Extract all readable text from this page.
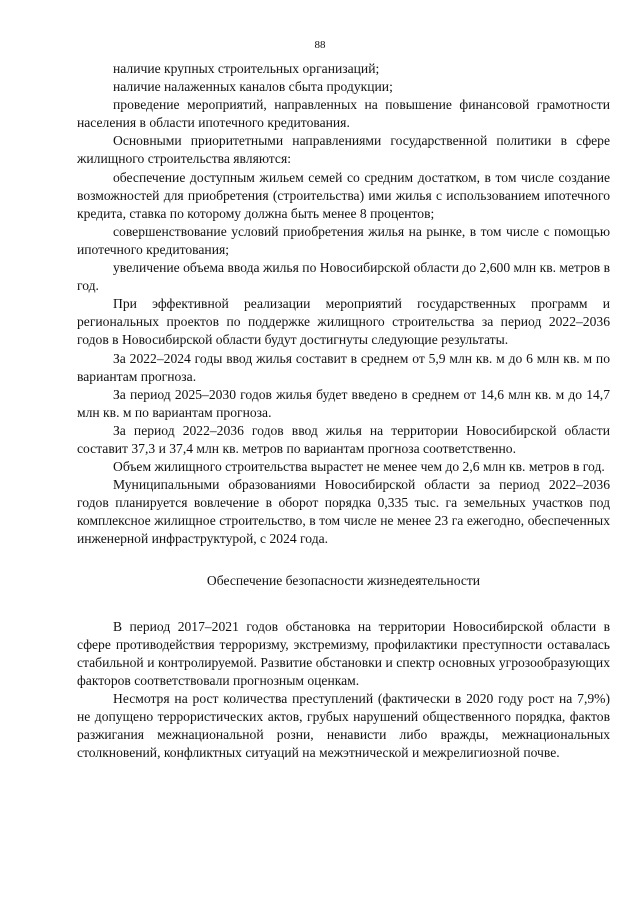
88

наличие крупных строительных организаций;

наличие налаженных каналов сбыта продукции;

проведение мероприятий, направленных на повышение финансовой грамотности населения в области ипотечного кредитования.

Основными приоритетными направлениями государственной политики в сфере жилищного строительства являются:

обеспечение доступным жильем семей со средним достатком, в том числе создание возможностей для приобретения (строительства) ими жилья с использованием ипотечного кредита, ставка по которому должна быть менее 8 процентов;

совершенствование условий приобретения жилья на рынке, в том числе с помощью ипотечного кредитования;

увеличение объема ввода жилья по Новосибирской области до 2,600 млн кв. метров в год.

При эффективной реализации мероприятий государственных программ и региональных проектов по поддержке жилищного строительства за период 2022–2036 годов в Новосибирской области будут достигнуты следующие результаты.

За 2022–2024 годы ввод жилья составит в среднем от 5,9 млн кв. м до 6 млн кв. м по вариантам прогноза.

За период 2025–2030 годов жилья будет введено в среднем от 14,6 млн кв. м до 14,7 млн кв. м по вариантам прогноза.

За период 2022–2036 годов ввод жилья на территории Новосибирской области составит 37,3 и 37,4 млн кв. метров по вариантам прогноза соответственно.

Объем жилищного строительства вырастет не менее чем до 2,6 млн кв. метров в год.

Муниципальными образованиями Новосибирской области за период 2022–2036 годов планируется вовлечение в оборот порядка 0,335 тыс. га земельных участков под комплексное жилищное строительство, в том числе не менее 23 га ежегодно, обеспеченных инженерной инфраструктурой, с 2024 года.

Обеспечение безопасности жизнедеятельности

В период 2017–2021 годов обстановка на территории Новосибирской области в сфере противодействия терроризму, экстремизму, профилактики преступности оставалась стабильной и контролируемой. Развитие обстановки и спектр основных угрозообразующих факторов соответствовали прогнозным оценкам.

Несмотря на рост количества преступлений (фактически в 2020 году рост на 7,9%) не допущено террористических актов, грубых нарушений общественного порядка, фактов разжигания межнациональной розни, ненависти либо вражды, межнациональных столкновений, конфликтных ситуаций на межэтнической и межрелигиозной почве.
